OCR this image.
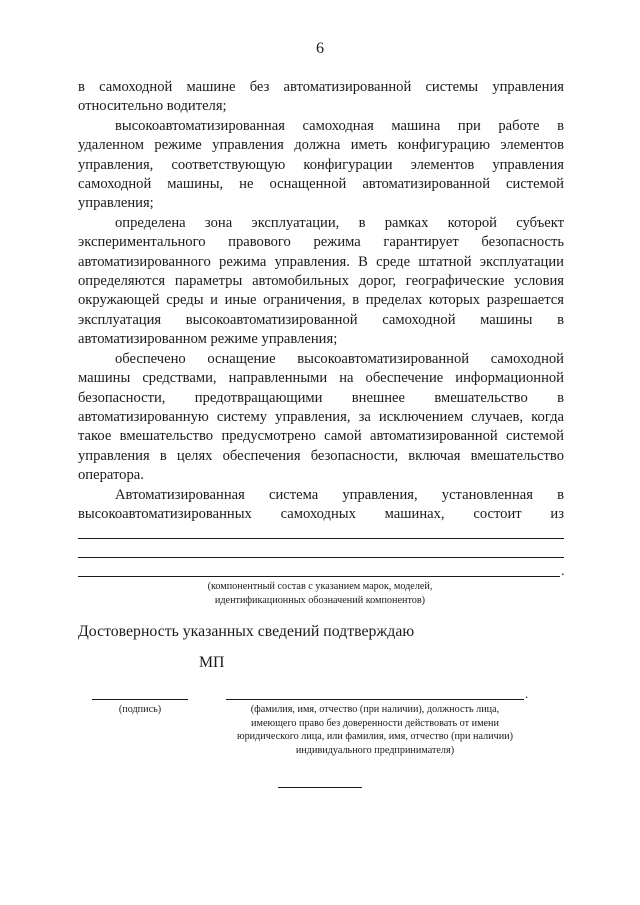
6

в самоходной машине без автоматизированной системы управления относительно водителя;

высокоавтоматизированная самоходная машина при работе в удаленном режиме управления должна иметь конфигурацию элементов управления, соответствующую конфигурации элементов управления самоходной машины, не оснащенной автоматизированной системой управления;

определена зона эксплуатации, в рамках которой субъект экспериментального правового режима гарантирует безопасность автоматизированного режима управления. В среде штатной эксплуатации определяются параметры автомобильных дорог, географические условия окружающей среды и иные ограничения, в пределах которых разрешается эксплуатация высокоавтоматизированной самоходной машины в автоматизированном режиме управления;

обеспечено оснащение высокоавтоматизированной самоходной машины средствами, направленными на обеспечение информационной безопасности, предотвращающими внешнее вмешательство в автоматизированную систему управления, за исключением случаев, когда такое вмешательство предусмотрено самой автоматизированной системой управления в целях обеспечения безопасности, включая вмешательство оператора.

Автоматизированная система управления, установленная в высокоавтоматизированных самоходных машинах, состоит из

.
(компонентный состав с указанием марок, моделей,
идентификационных обозначений компонентов)
Достоверность указанных сведений подтверждаю
МП
.
(подпись)	(фамилия, имя, отчество (при наличии), должность лица,
имеющего право без доверенности действовать от имени
юридического лица, или фамилия, имя, отчество (при наличии)
индивидуального предпринимателя)
